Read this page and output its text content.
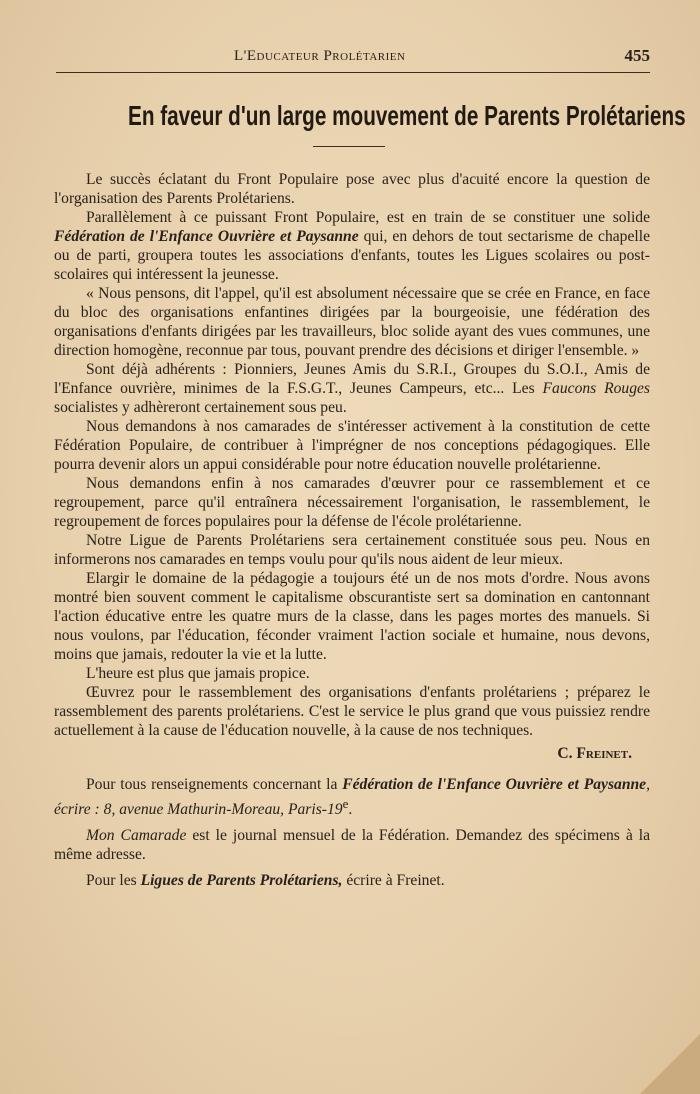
L'Educateur Prolétarien	455
En faveur d'un large mouvement de Parents Prolétariens

Le succès éclatant du Front Populaire pose avec plus d'acuité encore la question de l'organisation des Parents Prolétariens.

Parallèlement à ce puissant Front Populaire, est en train de se constituer une solide Fédération de l'Enfance Ouvrière et Paysanne qui, en dehors de tout sectarisme de chapelle ou de parti, groupera toutes les associations d'enfants, toutes les Ligues scolaires ou post-scolaires qui intéressent la jeunesse.

« Nous pensons, dit l'appel, qu'il est absolument nécessaire que se crée en France, en face du bloc des organisations enfantines dirigées par la bourgeoisie, une fédération des organisations d'enfants dirigées par les travailleurs, bloc solide ayant des vues communes, une direction homogène, reconnue par tous, pouvant prendre des décisions et diriger l'ensemble. »

Sont déjà adhérents : Pionniers, Jeunes Amis du S.R.I., Groupes du S.O.I., Amis de l'Enfance ouvrière, minimes de la F.S.G.T., Jeunes Campeurs, etc... Les Faucons Rouges socialistes y adhèreront certainement sous peu.

Nous demandons à nos camarades de s'intéresser activement à la constitution de cette Fédération Populaire, de contribuer à l'imprégner de nos conceptions pédagogiques. Elle pourra devenir alors un appui considérable pour notre éducation nouvelle prolétarienne.

Nous demandons enfin à nos camarades d'œuvrer pour ce rassemblement et ce regroupement, parce qu'il entraînera nécessairement l'organisation, le rassemblement, le regroupement de forces populaires pour la défense de l'école prolétarienne.

Notre Ligue de Parents Prolétariens sera certainement constituée sous peu. Nous en informerons nos camarades en temps voulu pour qu'ils nous aident de leur mieux.

Elargir le domaine de la pédagogie a toujours été un de nos mots d'ordre. Nous avons montré bien souvent comment le capitalisme obscurantiste sert sa domination en cantonnant l'action éducative entre les quatre murs de la classe, dans les pages mortes des manuels. Si nous voulons, par l'éducation, féconder vraiment l'action sociale et humaine, nous devons, moins que jamais, redouter la vie et la lutte.

L'heure est plus que jamais propice.

Œuvrez pour le rassemblement des organisations d'enfants prolétariens ; préparez le rassemblement des parents prolétariens. C'est le service le plus grand que vous puissiez rendre actuellement à la cause de l'éducation nouvelle, à la cause de nos techniques.

C. Freinet.

Pour tous renseignements concernant la Fédération de l'Enfance Ouvrière et Paysanne, écrire : 8, avenue Mathurin-Moreau, Paris-19e.

Mon Camarade est le journal mensuel de la Fédération. Demandez des spécimens à la même adresse.

Pour les Ligues de Parents Prolétariens, écrire à Freinet.
